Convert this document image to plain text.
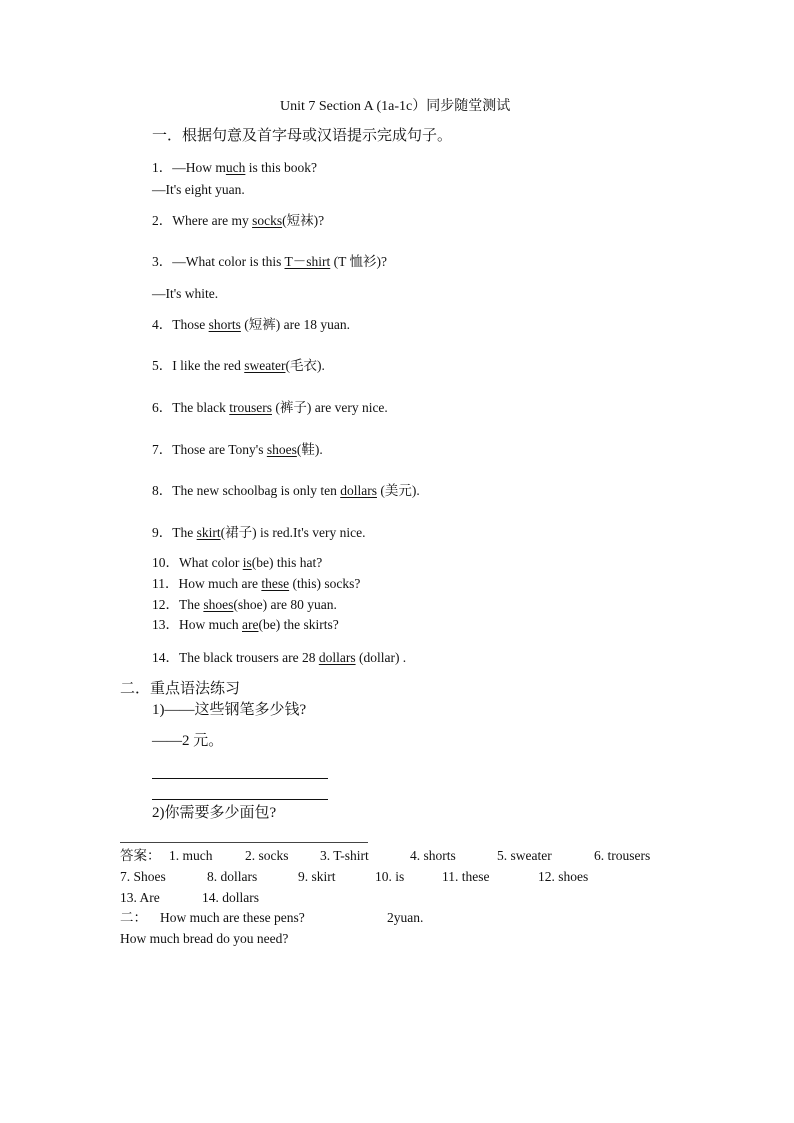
Unit 7 Section A (1a-1c）同步随堂测试
一．根据句意及首字母或汉语提示完成句子。
1．—How much is this book?
—It's eight yuan.
2．Where are my socks(短袜)?
3．—What color is this T－shirt (T 恤衫)?
—It's white.
4．Those shorts (短裤) are 18 yuan.
5．I like the red sweater(毛衣).
6．The black trousers (裤子) are very nice.
7．Those are Tony's shoes(鞋).
8．The new schoolbag is only ten dollars (美元).
9．The skirt(裙子) is red.It's very nice.
10．What color is(be) this hat?
11．How much are these (this) socks?
12．The shoes(shoe) are 80 yuan.
13．How much are(be) the skirts?
14．The black trousers are 28 dollars (dollar) .
二．重点语法练习
1)——这些钢笔多少钱?
——2 元。
2)你需要多少面包?
答案： 1. much 2. socks 3. T-shirt	4. shorts	5. sweater	6. trousers
7. Shoes	8. dollars	9. skirt	10. is	11. these	12. shoes
13. Are	14. dollars
二： How much are these pens?	2yuan.
How much bread do you need?
